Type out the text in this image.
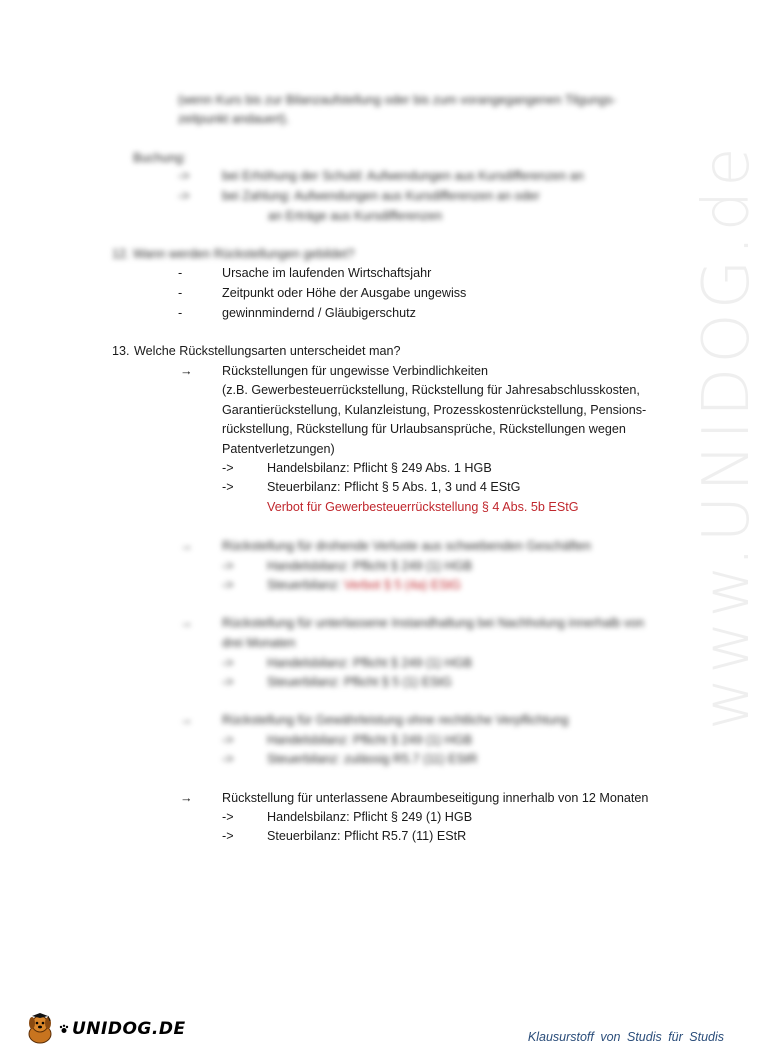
www.UNIDOG.de
(wenn Kurs bis zur Bilanzaufstellung oder bis zum vorangegangenen Tilgungs-
zeitpunkt andauert).
Buchung:
->	bei Erhöhung der Schuld: Aufwendungen aus Kursdifferenzen an
->	bei Zahlung: Aufwendungen aus Kursdifferenzen an oder
an Erträge aus Kursdifferenzen
12. Wann werden Rückstellungen gebildet?
-	Ursache im laufenden Wirtschaftsjahr
-	Zeitpunkt oder Höhe der Ausgabe ungewiss
-	gewinnmindernd / Gläubigerschutz
13. Welche Rückstellungsarten unterscheidet man?
→ Rückstellungen für ungewisse Verbindlichkeiten
(z.B. Gewerbesteuerrückstellung, Rückstellung für Jahresabschlusskosten,
Garantierückstellung, Kulanzleistung, Prozesskostenrückstellung, Pensions-
rückstellung, Rückstellung für Urlaubsansprüche, Rückstellungen wegen
Patentverletzungen)
->	Handelsbilanz: Pflicht § 249 Abs. 1 HGB
->	Steuerbilanz: Pflicht § 5 Abs. 1, 3 und 4 EStG
Verbot für Gewerbesteuerrückstellung § 4 Abs. 5b EStG
→ Rückstellung für drohende Verluste aus schwebenden Geschäften
->	Handelsbilanz: Pflicht § 249 (1) HGB
->	Steuerbilanz: Verbot § 5 (4a) EStG
→ Rückstellung für unterlassene Instandhaltung bei Nachholung innerhalb von
drei Monaten
->	Handelsbilanz: Pflicht § 249 (1) HGB
->	Steuerbilanz: Pflicht § 5 (1) EStG
→ Rückstellung für Gewährleistung ohne rechtliche Verpflichtung
->	Handelsbilanz: Pflicht § 249 (1) HGB
->	Steuerbilanz: zulässig R5.7 (11) EStR
→ Rückstellung für unterlassene Abraumbeseitigung innerhalb von 12 Monaten
->	Handelsbilanz: Pflicht § 249 (1) HGB
->	Steuerbilanz: Pflicht R5.7 (11) EStR
UNIDOG.DE	Klausurstoff von Studis für Studis
